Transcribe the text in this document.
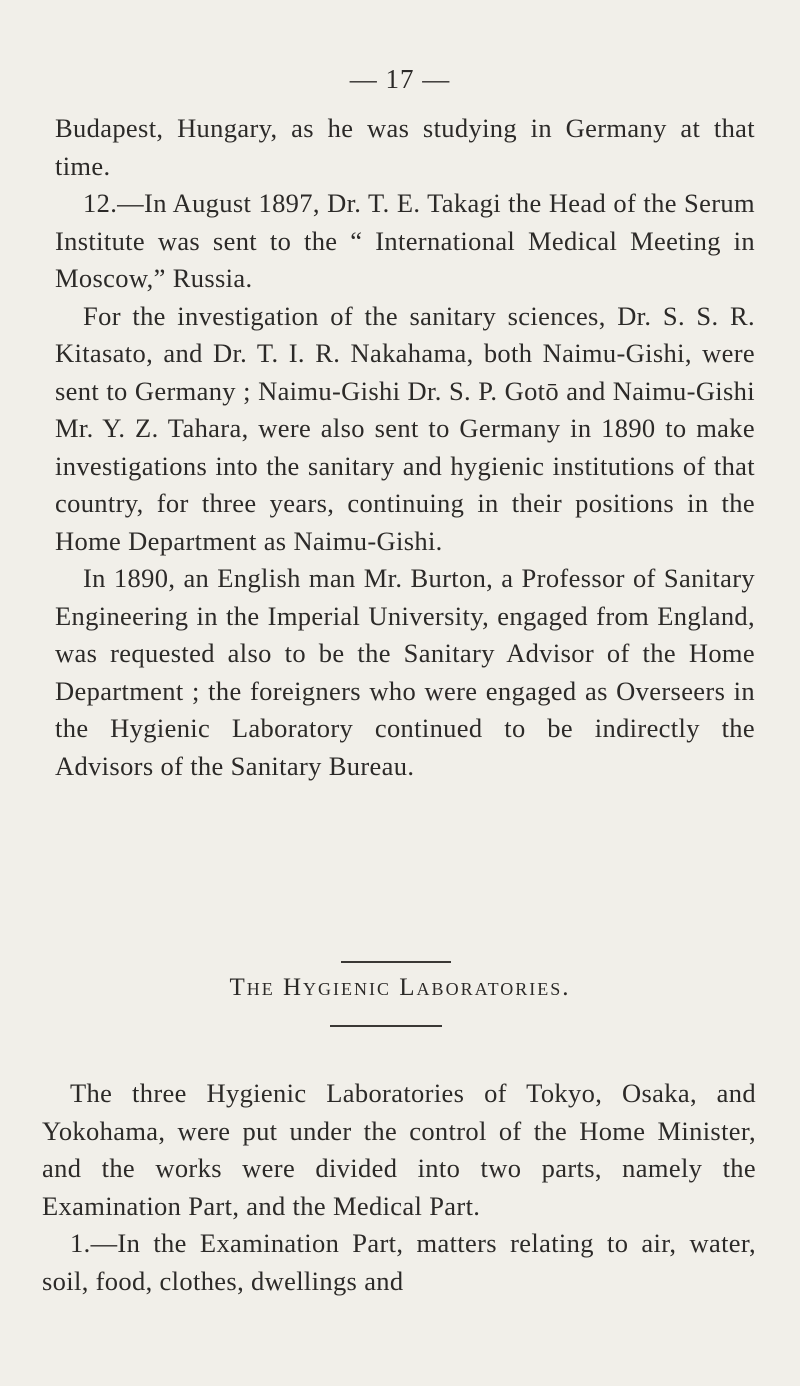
— 17 —

Budapest, Hungary, as he was studying in Germany at that time.

12.—In August 1897, Dr. T. E. Takagi the Head of the Serum Institute was sent to the “ International Medical Meeting in Moscow,” Russia.

For the investigation of the sanitary sciences, Dr. S. S. R. Kitasato, and Dr. T. I. R. Nakahama, both Naimu-Gishi, were sent to Germany ; Naimu-Gishi Dr. S. P. Gotō and Naimu-Gishi Mr. Y. Z. Tahara, were also sent to Germany in 1890 to make investigations into the sanitary and hygienic institutions of that country, for three years, continuing in their positions in the Home Department as Naimu-Gishi.

In 1890, an English man Mr. Burton, a Professor of Sanitary Engineering in the Imperial University, engaged from England, was requested also to be the Sanitary Advisor of the Home Department ; the foreigners who were engaged as Overseers in the Hygienic Laboratory continued to be indirectly the Advisors of the Sanitary Bureau.

The Hygienic Laboratories.

The three Hygienic Laboratories of Tokyo, Osaka, and Yokohama, were put under the control of the Home Minister, and the works were divided into two parts, namely the Examination Part, and the Medical Part.

1.—In the Examination Part, matters relating to air, water, soil, food, clothes, dwellings and
